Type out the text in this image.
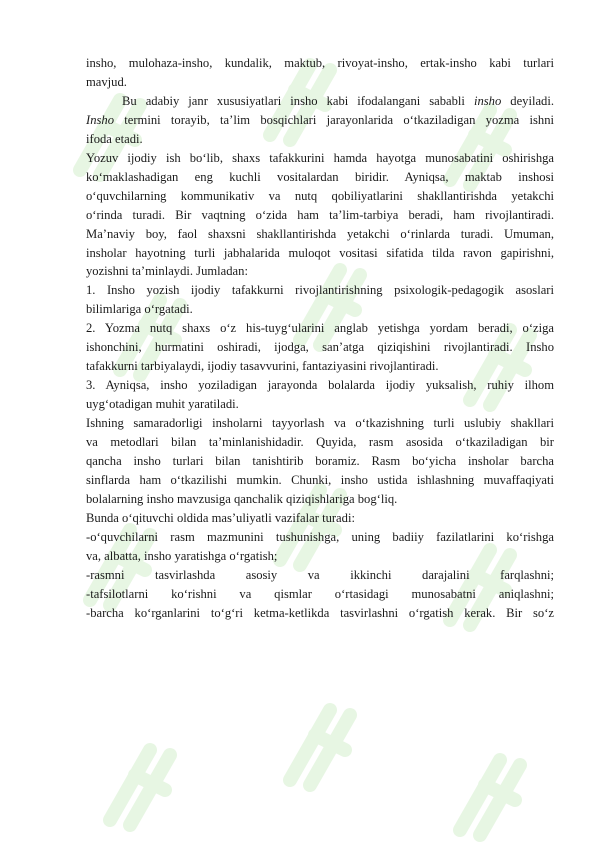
insho, mulohaza-insho, kundalik, maktub, rivoyat-insho, ertak-insho kabi turlari
mavjud.
Bu adabiy janr xususiyatlari insho kabi ifodalangani sababli insho deyiladi.
Insho termini torayib, ta’lim bosqichlari jarayonlarida o‘tkaziladigan yozma ishni
ifoda etadi.
Yozuv ijodiy ish bo‘lib, shaxs tafakkurini hamda hayotga munosabatini oshirishga
ko‘maklashadigan eng kuchli vositalardan biridir. Ayniqsa, maktab inshosi
o‘quvchilarning kommunikativ va nutq qobiliyatlarini shakllantirishda yetakchi
o‘rinda turadi. Bir vaqtning o‘zida ham ta’lim-tarbiya beradi, ham rivojlantiradi.
Ma’naviy boy, faol shaxsni shakllantirishda yetakchi o‘rinlarda turadi. Umuman,
insholar hayotning turli jabhalarida muloqot vositasi sifatida tilda ravon gapirishni,
yozishni ta’minlaydi. Jumladan:
1. Insho yozish ijodiy tafakkurni rivojlantirishning psixologik-pedagogik asoslari
bilimlariga o‘rgatadi.
2. Yozma nutq shaxs o‘z his-tuyg‘ularini anglab yetishga yordam beradi, o‘ziga
ishonchini, hurmatini oshiradi, ijodga, san’atga qiziqishini rivojlantiradi. Insho
tafakkurni tarbiyalaydi, ijodiy tasavvurini, fantaziyasini rivojlantiradi.
3. Ayniqsa, insho yoziladigan jarayonda bolalarda ijodiy yuksalish, ruhiy ilhom
uyg‘otadigan muhit yaratiladi.
Ishning samaradorligi insholarni tayyorlash va o‘tkazishning turli uslubiy shakllari
va metodlari bilan ta’minlanishidadir. Quyida, rasm asosida o‘tkaziladigan bir
qancha insho turlari bilan tanishtirib boramiz. Rasm bo‘yicha insholar barcha
sinflarda ham o‘tkazilishi mumkin. Chunki, insho ustida ishlashning muvaffaqiyati
bolalarning insho mavzusiga qanchalik qiziqishlariga bog‘liq.
Bunda o‘qituvchi oldida mas’uliyatli vazifalar turadi:
-o‘quvchilarni rasm mazmunini tushunishga, uning badiiy fazilatlarini ko‘rishga
va, albatta, insho yaratishga o‘rgatish;
-rasmni tasvirlashda asosiy va ikkinchi darajalini farqlashni;
-tafsilotlarni ko‘rishni va qismlar o‘rtasidagi munosabatni aniqlashni;
-barcha ko‘rganlarini to‘g‘ri ketma-ketlikda tasvirlashni o‘rgatish kerak. Bir so‘z
